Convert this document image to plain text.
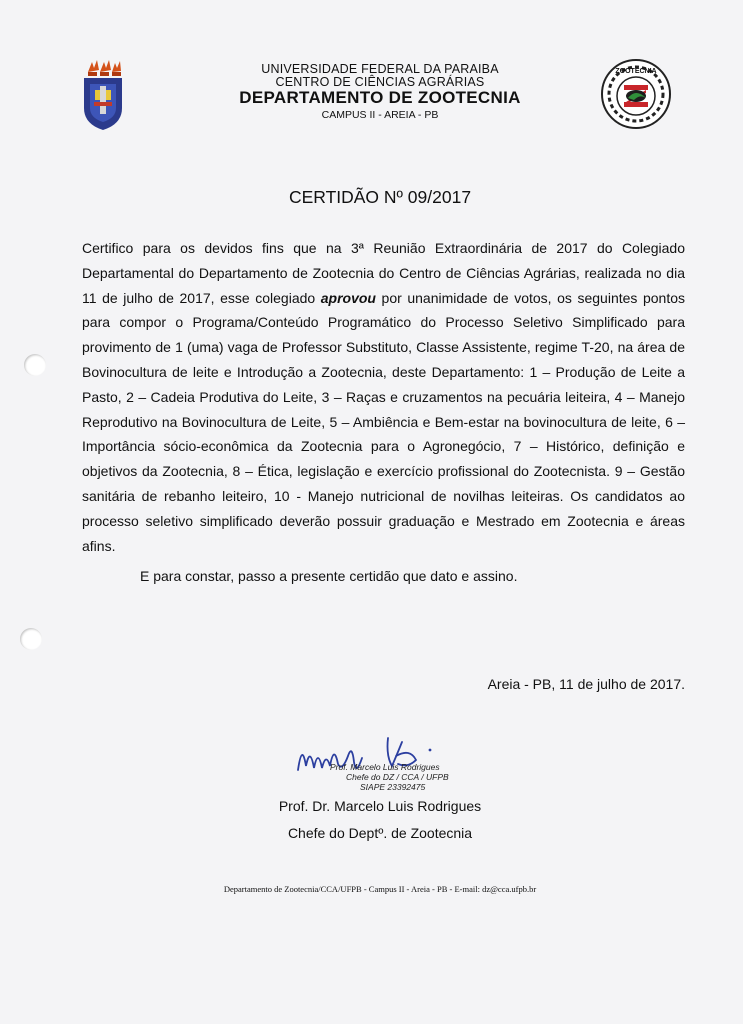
ZOOTECNIA
UNIVERSIDADE FEDERAL DA PARAIBA
CENTRO DE CIÊNCIAS AGRÁRIAS
DEPARTAMENTO DE ZOOTECNIA
CAMPUS II - AREIA - PB
CERTIDÃO Nº 09/2017

Certifico para os devidos fins que na 3ª Reunião Extraordinária de 2017 do Colegiado Departamental do Departamento de Zootecnia do Centro de Ciências Agrárias, realizada no dia 11 de julho de 2017, esse colegiado aprovou por unanimidade de votos, os seguintes pontos para compor o Programa/Conteúdo Programático do Processo Seletivo Simplificado para provimento de 1 (uma) vaga de Professor Substituto, Classe Assistente, regime T-20, na área de Bovinocultura de leite e Introdução a Zootecnia, deste Departamento: 1 – Produção de Leite a Pasto, 2 – Cadeia Produtiva do Leite, 3 – Raças e cruzamentos na pecuária leiteira, 4 – Manejo Reprodutivo na Bovinocultura de Leite, 5 – Ambiência e Bem-estar na bovinocultura de leite, 6 – Importância sócio-econômica da Zootecnia para o Agronegócio, 7 – Histórico, definição e objetivos da Zootecnia, 8 – Ética, legislação e exercício profissional do Zootecnista. 9 – Gestão sanitária de rebanho leiteiro, 10 - Manejo nutricional de novilhas leiteiras. Os candidatos ao processo seletivo simplificado deverão possuir graduação e Mestrado em Zootecnia e áreas afins.

E para constar, passo a presente certidão que dato e assino.
Areia - PB, 11 de julho de 2017.
Prof. Marcelo Luis Rodrigues
Chefe do DZ / CCA / UFPB
SIAPE 23392475
Prof. Dr. Marcelo Luis Rodrigues
Chefe do Deptº. de Zootecnia
Departamento de Zootecnia/CCA/UFPB - Campus II - Areia - PB - E-mail: dz@cca.ufpb.br
